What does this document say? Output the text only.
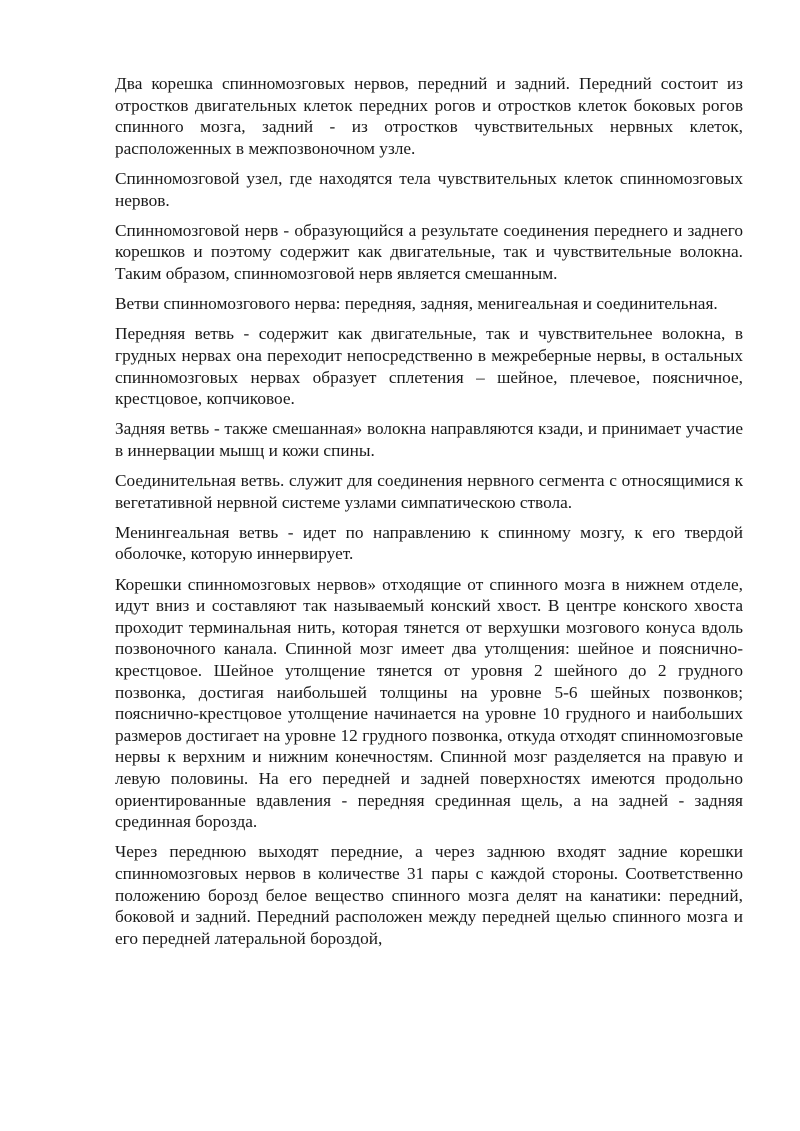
Два корешка спинномозговых нервов, передний и задний. Передний состоит из отростков двигательных клеток передних рогов и отростков клеток боковых рогов спинного мозга, задний - из отростков чувствительных нервных клеток, расположенных в межпозвоночном узле.

Спинномозговой узел, где находятся тела чувствительных клеток спинномозговых нервов.

Спинномозговой нерв - образующийся а результате соединения переднего и заднего корешков и поэтому содержит как двигательные, так и чувствительные волокна. Таким образом, спинномозговой нерв является смешанным.

Ветви спинномозгового нерва: передняя, задняя, менигеальная и соединительная.

Передняя ветвь - содержит как двигательные, так и чувствительнее волокна, в грудных нервах она переходит непосредственно в межреберные нервы, в остальных спинномозговых нервах образует сплетения – шейное, плечевое, поясничное, крестцовое, копчиковое.

Задняя ветвь - также смешанная» волокна направляются кзади, и принимает участие в иннервации мышц и кожи спины.

Соединительная ветвь. служит для соединения нервного сегмента с относящимися к вегетативной нервной системе узлами симпатическою ствола.

Менингеальная ветвь - идет по направлению к спинному мозгу, к его твердой оболочке, которую иннервирует.

Корешки спинномозговых нервов» отходящие от спинного мозга в нижнем отделе, идут вниз и составляют так называемый конский хвост. В центре конского хвоста проходит терминальная нить, которая тянется от верхушки мозгового конуса вдоль позвоночного канала. Спинной мозг имеет два утолщения: шейное и пояснично-крестцовое. Шейное утолщение тянется от уровня 2 шейного до 2 грудного позвонка, достигая наибольшей толщины на уровне 5-6 шейных позвонков; пояснично-крестцовое утолщение начинается на уровне 10 грудного и наибольших размеров достигает на уровне 12 грудного позвонка, откуда отходят спинномозговые нервы к верхним и нижним конечностям. Спинной мозг разделяется на правую и левую половины. На его передней и задней поверхностях имеются продольно ориентированные вдавления - передняя срединная щель, а на задней - задняя срединная борозда.

Через переднюю выходят передние, а через заднюю входят задние корешки спинномозговых нервов в количестве 31 пары с каждой стороны. Соответственно положению борозд белое вещество спинного мозга делят на канатики: передний, боковой и задний. Передний расположен между передней щелью спинного мозга и его передней латеральной бороздой,
